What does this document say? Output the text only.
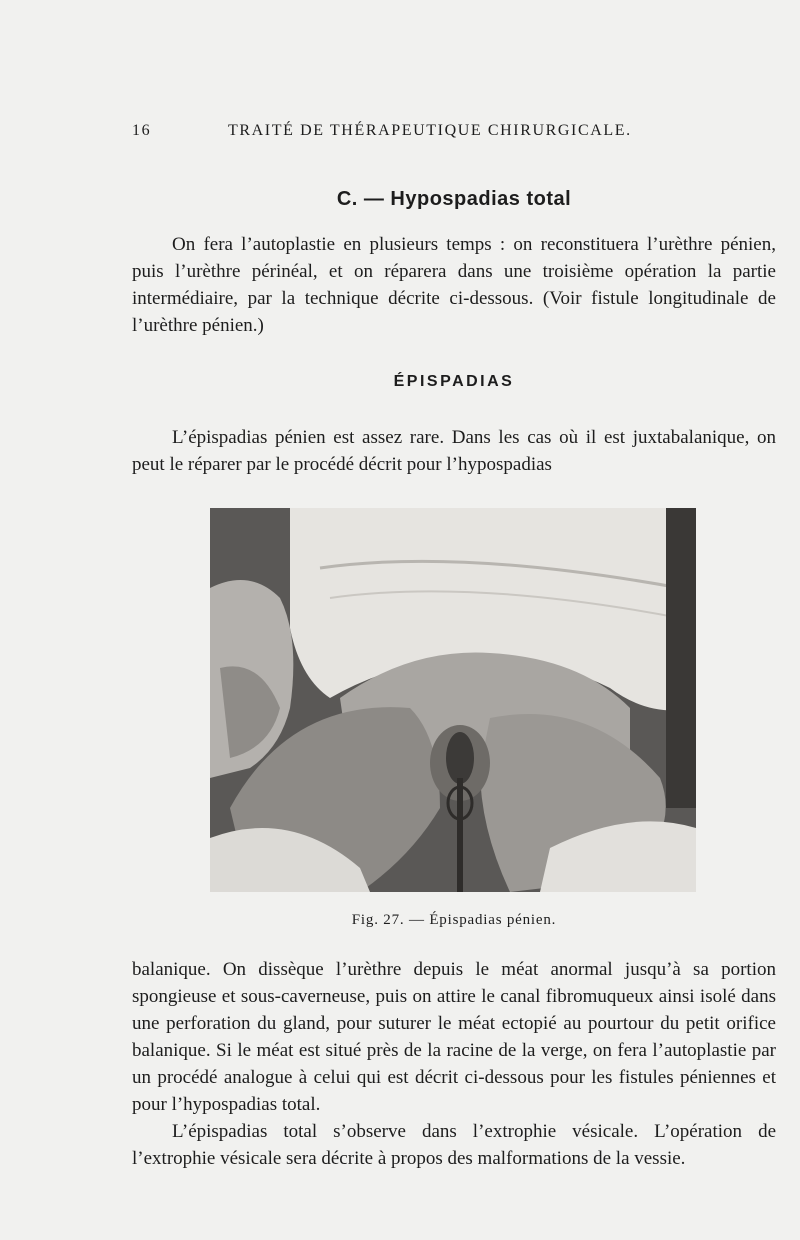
16	TRAITÉ DE THÉRAPEUTIQUE CHIRURGICALE.
C. — Hypospadias total

On fera l’autoplastie en plusieurs temps : on reconstituera l’urèthre pénien, puis l’urèthre périnéal, et on réparera dans une troisième opération la partie intermédiaire, par la technique décrite ci-dessous. (Voir fistule longitudinale de l’urèthre pénien.)

ÉPISPADIAS

L’épispadias pénien est assez rare. Dans les cas où il est juxtabalanique, on peut le réparer par le procédé décrit pour l’hypospadias

Fig. 27. — Épispadias pénien.

balanique. On dissèque l’urèthre depuis le méat anormal jusqu’à sa portion spongieuse et sous-caverneuse, puis on attire le canal fibromuqueux ainsi isolé dans une perforation du gland, pour suturer le méat ectopié au pourtour du petit orifice balanique. Si le méat est situé près de la racine de la verge, on fera l’autoplastie par un procédé analogue à celui qui est décrit ci-dessous pour les fistules péniennes et pour l’hypospadias total.

L’épispadias total s’observe dans l’extrophie vésicale. L’opération de l’extrophie vésicale sera décrite à propos des malformations de la vessie.
